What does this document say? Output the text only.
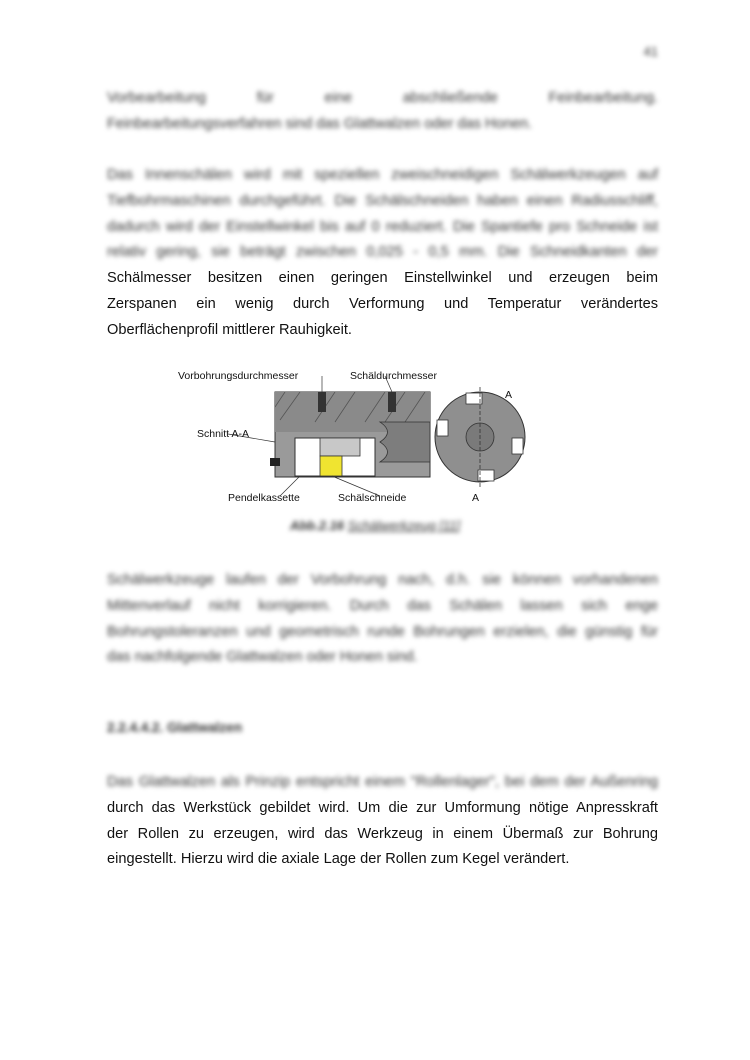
41
Vorbearbeitung für eine abschließende Feinbearbeitung.
Feinbearbeitungsverfahren sind das Glattwalzen oder das Honen.
Das Innenschälen wird mit speziellen zweischneidigen Schälwerkzeugen auf
Tiefbohrmaschinen durchgeführt. Die Schälschneiden haben einen Radiusschliff,
dadurch wird der Einstellwinkel bis auf 0 reduziert. Die Spantiefe pro Schneide ist
relativ gering, sie beträgt zwischen 0,025 - 0,5 mm. Die Schneidkanten der
Schälmesser besitzen einen geringen Einstellwinkel und erzeugen beim
Zerspanen ein wenig durch Verformung und Temperatur verändertes
Oberflächenprofil mittlerer Rauhigkeit.
Vorbohrungsdurchmesser	Schäldurchmesser
Schnitt A-A
Pendelkassette	Schälschneide
A
A
Abb.2.16 Schälwerkzeug [11]
Schälwerkzeuge laufen der Vorbohrung nach, d.h. sie können vorhandenen
Mittenverlauf nicht korrigieren. Durch das Schälen lassen sich enge
Bohrungstoleranzen und geometrisch runde Bohrungen erzielen, die günstig für
das nachfolgende Glattwalzen oder Honen sind.
2.2.4.4.2. Glattwalzen
Das Glattwalzen als Prinzip entspricht einem "Rollenlager", bei dem der Außenring
durch das Werkstück gebildet wird. Um die zur Umformung nötige Anpresskraft
der Rollen zu erzeugen, wird das Werkzeug in einem Übermaß zur Bohrung
eingestellt. Hierzu wird die axiale Lage der Rollen zum Kegel verändert.
